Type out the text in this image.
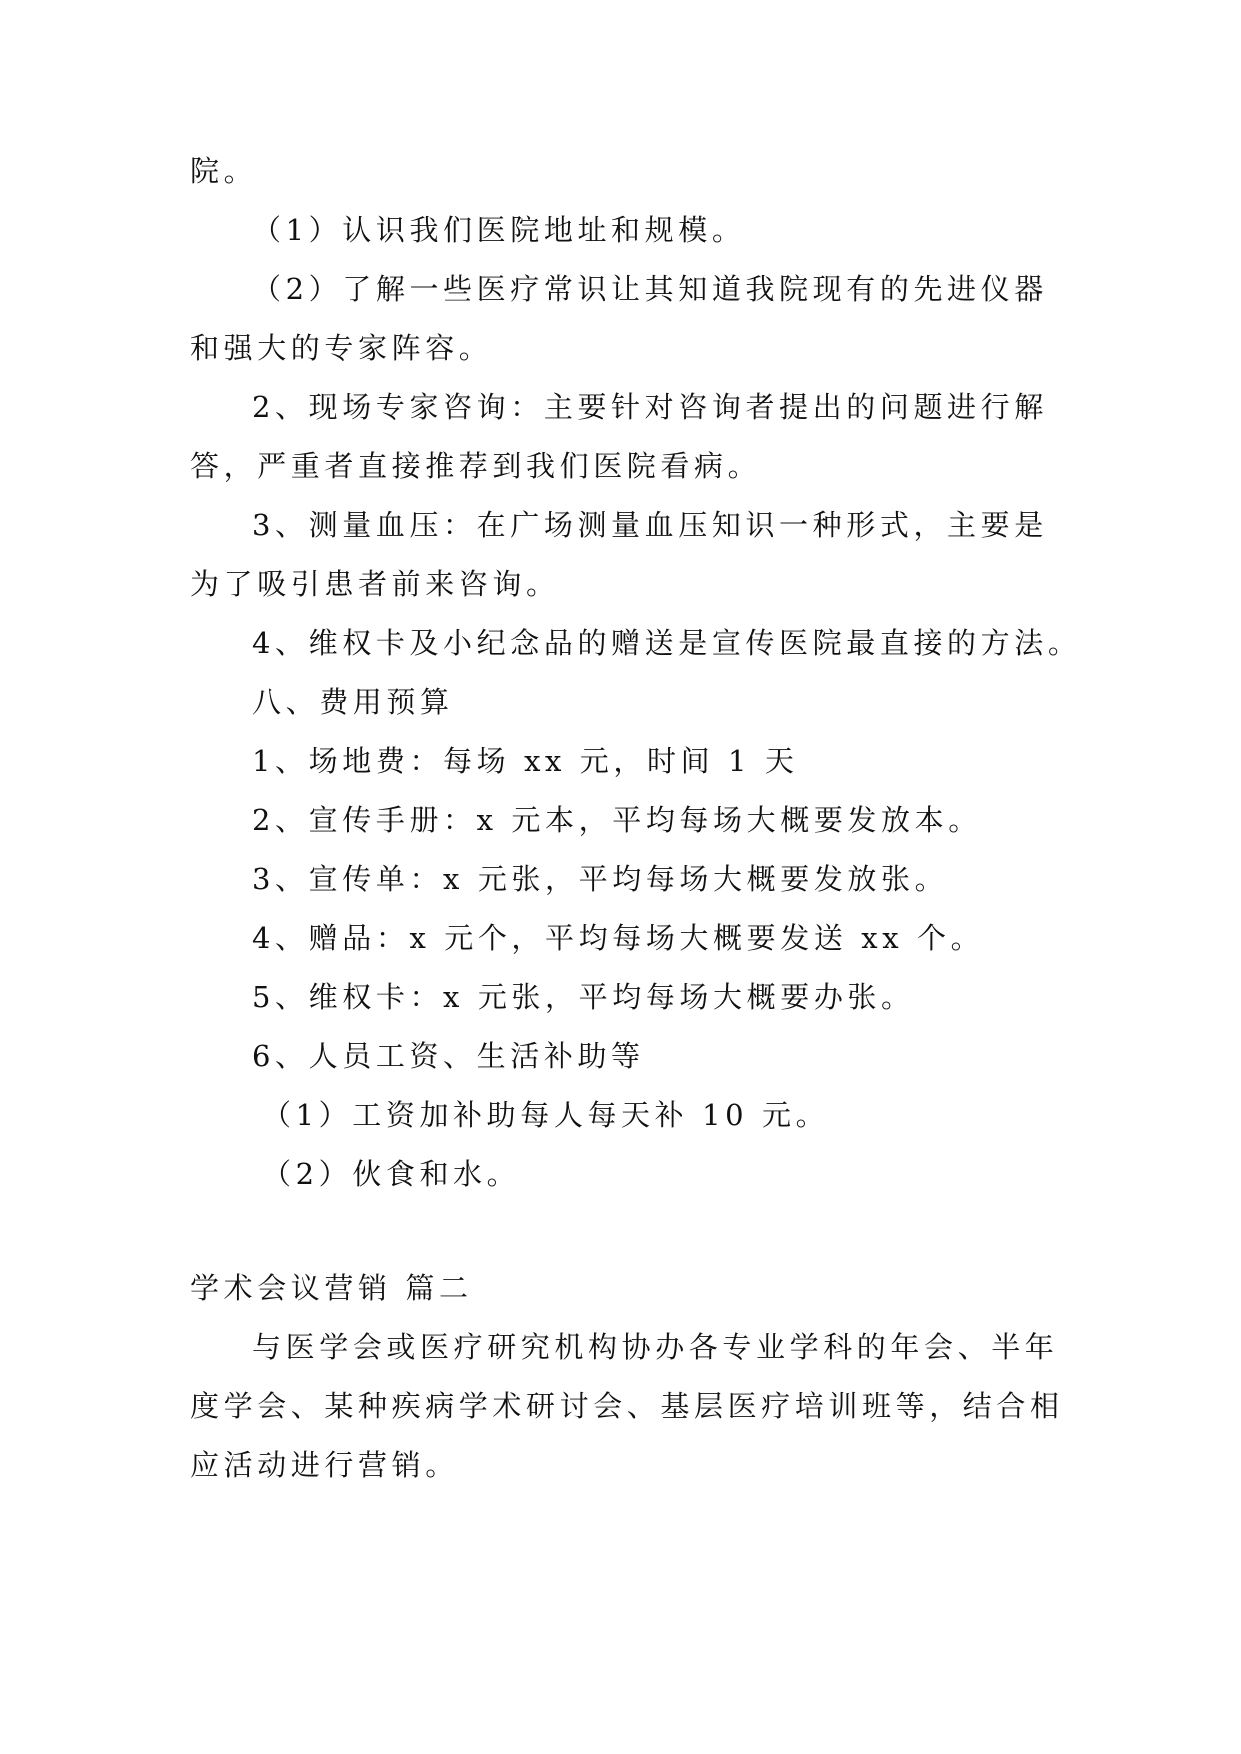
院。
（1）认识我们医院地址和规模。
（2）了解一些医疗常识让其知道我院现有的先进仪器
和强大的专家阵容。
2、现场专家咨询：主要针对咨询者提出的问题进行解
答，严重者直接推荐到我们医院看病。
3、测量血压：在广场测量血压知识一种形式，主要是
为了吸引患者前来咨询。
4、维权卡及小纪念品的赠送是宣传医院最直接的方法。
八、费用预算
1、场地费：每场 xx 元，时间 1 天
2、宣传手册：x 元本，平均每场大概要发放本。
3、宣传单：x 元张，平均每场大概要发放张。
4、赠品：x 元个，平均每场大概要发送 xx 个。
5、维权卡：x 元张，平均每场大概要办张。
6、人员工资、生活补助等
（1）工资加补助每人每天补 10 元。
（2）伙食和水。
学术会议营销 篇二
与医学会或医疗研究机构协办各专业学科的年会、半年
度学会、某种疾病学术研讨会、基层医疗培训班等，结合相
应活动进行营销。
